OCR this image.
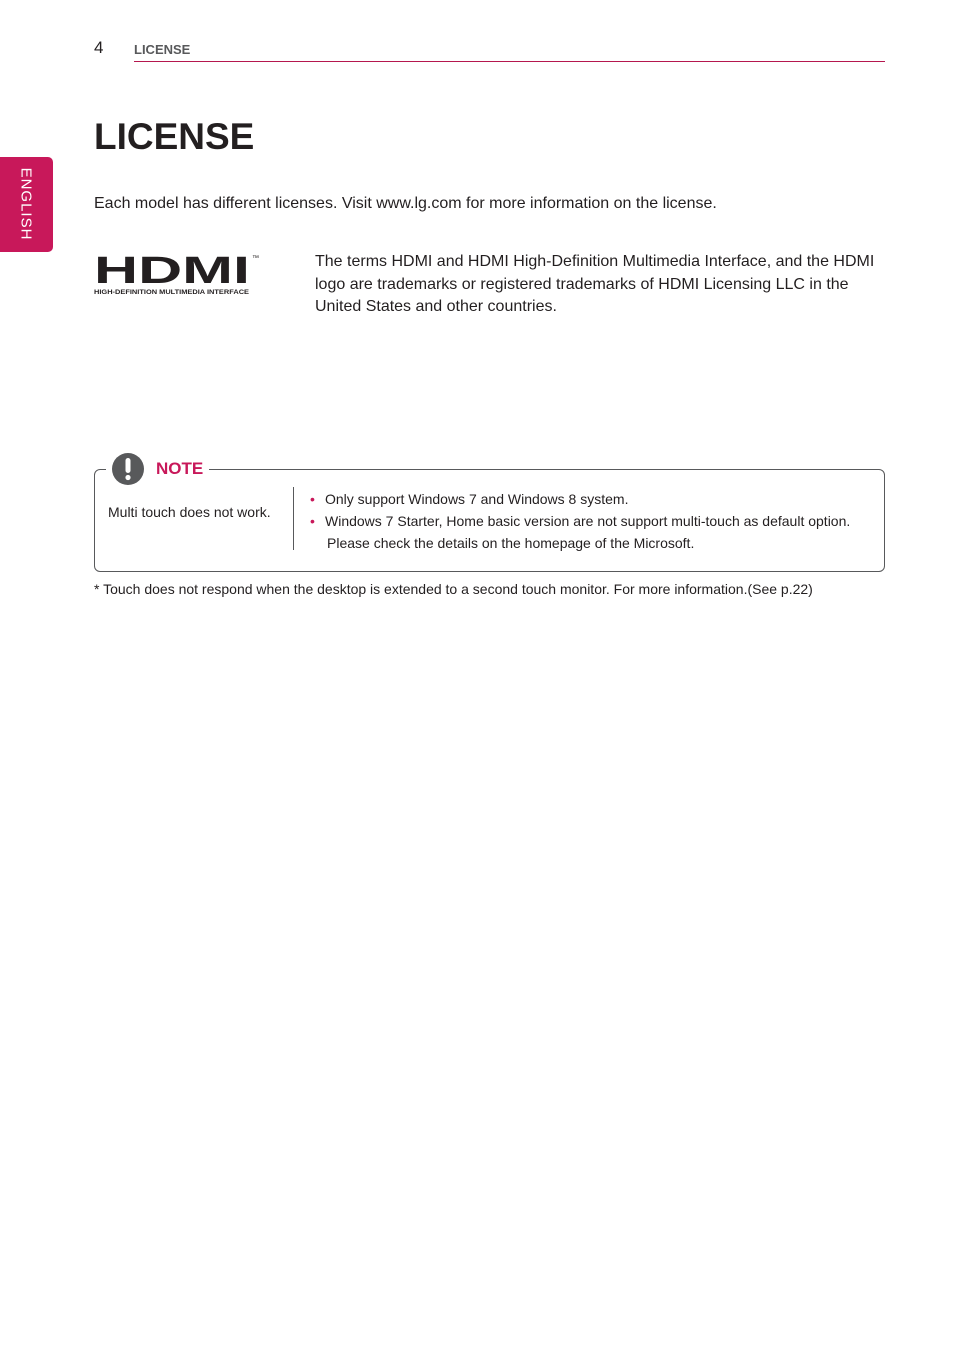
4 LICENSE
ENGLISH
LICENSE

Each model has different licenses. Visit www.lg.com for more information on the license.

HDMI ™
HIGH-DEFINITION MULTIMEDIA INTERFACE

The terms HDMI and HDMI High-Definition Multimedia Interface, and the HDMI logo are trademarks or registered trademarks of HDMI Licensing LLC in the United States and other countries.

NOTE
Multi touch does not work.
• Only support Windows 7 and Windows 8 system.
• Windows 7 Starter, Home basic version are not support multi-touch as default option.
Please check the details on the homepage of the Microsoft.

* Touch does not respond when the desktop is extended to a second touch monitor. For more information.(See p.22)
